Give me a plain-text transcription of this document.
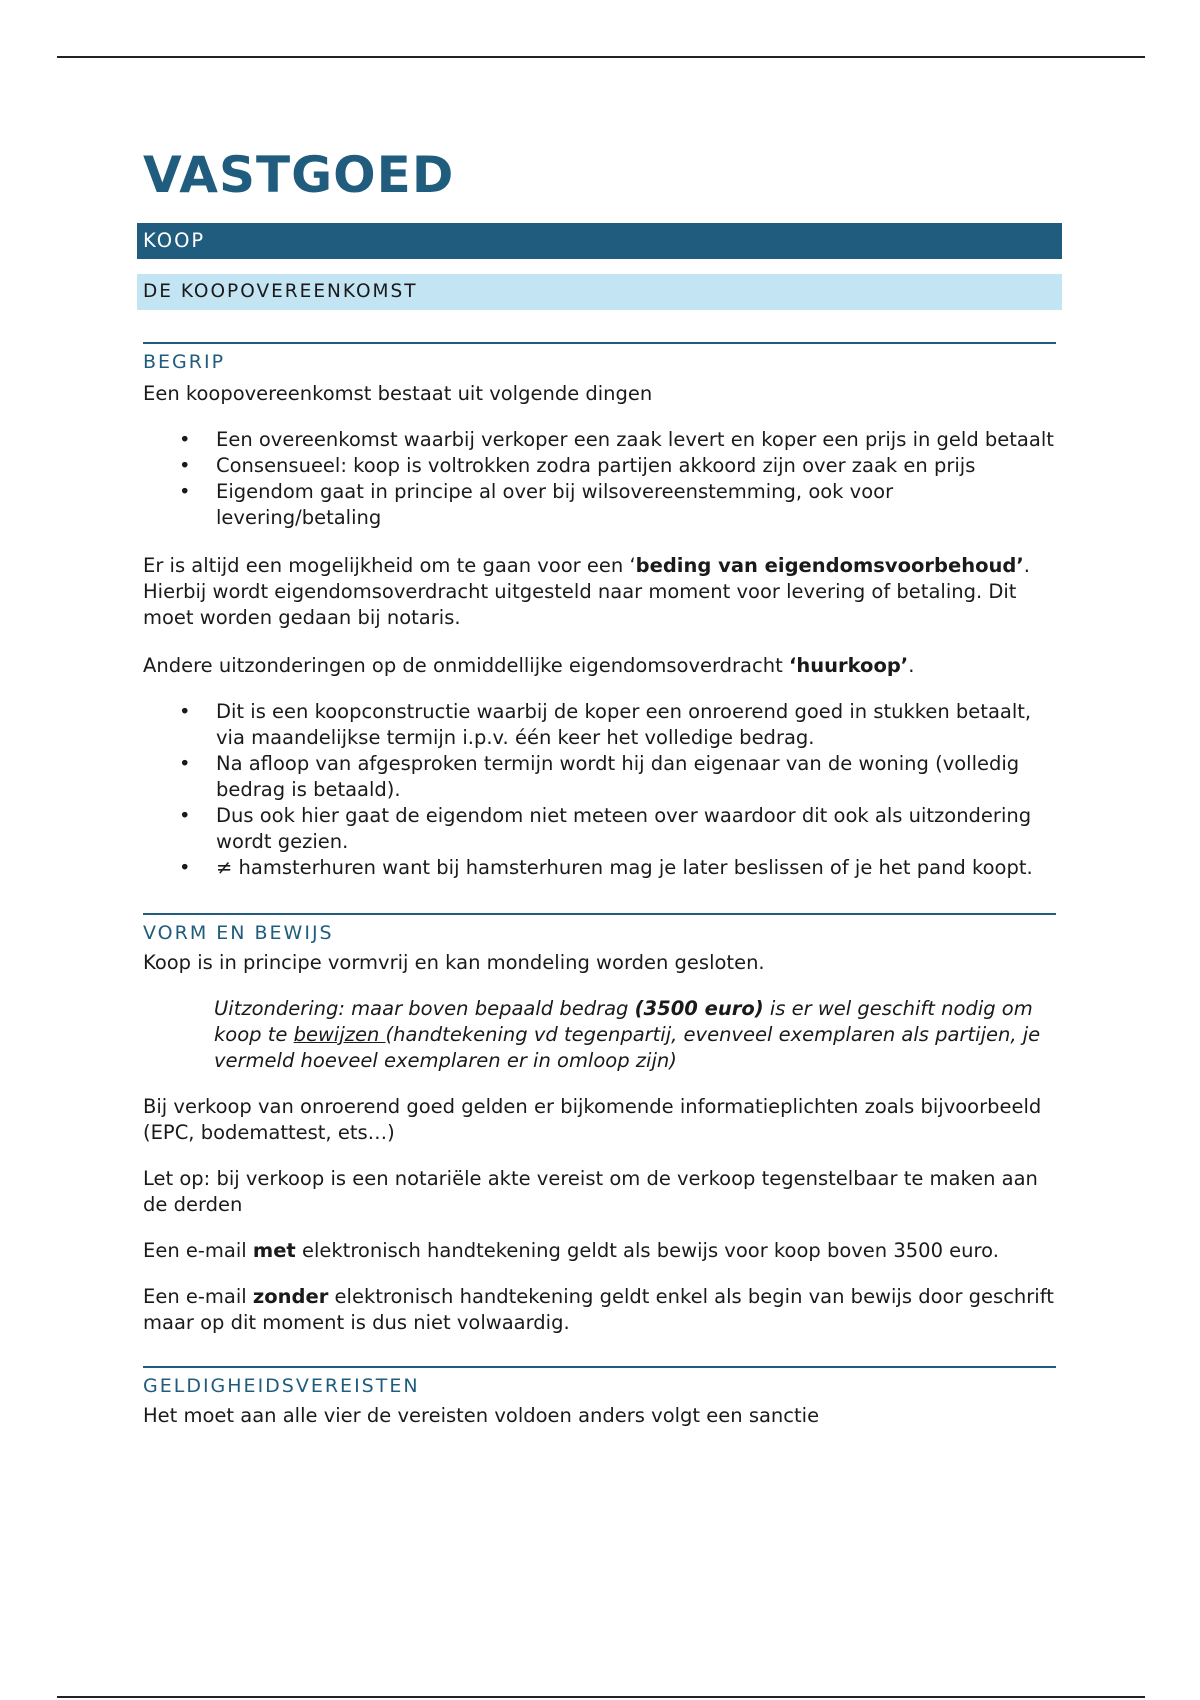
VASTGOED
KOOP
DE KOOPOVEREENKOMST
BEGRIP

Een koopovereenkomst bestaat uit volgende dingen

• Een overeenkomst waarbij verkoper een zaak levert en koper een prijs in geld betaalt
• Consensueel: koop is voltrokken zodra partijen akkoord zijn over zaak en prijs
• Eigendom gaat in principe al over bij wilsovereenstemming, ook voor levering/betaling

Er is altijd een mogelijkheid om te gaan voor een ‘beding van eigendomsvoorbehoud’. Hierbij wordt eigendomsoverdracht uitgesteld naar moment voor levering of betaling. Dit moet worden gedaan bij notaris.

Andere uitzonderingen op de onmiddellijke eigendomsoverdracht ‘huurkoop’.

• Dit is een koopconstructie waarbij de koper een onroerend goed in stukken betaalt, via maandelijkse termijn i.p.v. één keer het volledige bedrag.
• Na afloop van afgesproken termijn wordt hij dan eigenaar van de woning (volledig bedrag is betaald).
• Dus ook hier gaat de eigendom niet meteen over waardoor dit ook als uitzondering wordt gezien.
• ≠ hamsterhuren want bij hamsterhuren mag je later beslissen of je het pand koopt.
VORM EN BEWIJS

Koop is in principe vormvrij en kan mondeling worden gesloten.

Uitzondering: maar boven bepaald bedrag (3500 euro) is er wel geschift nodig om koop te bewijzen (handtekening vd tegenpartij, evenveel exemplaren als partijen, je vermeld hoeveel exemplaren er in omloop zijn)

Bij verkoop van onroerend goed gelden er bijkomende informatieplichten zoals bijvoorbeeld (EPC, bodemattest, ets…)

Let op: bij verkoop is een notariële akte vereist om de verkoop tegenstelbaar te maken aan de derden

Een e-mail met elektronisch handtekening geldt als bewijs voor koop boven 3500 euro.

Een e-mail zonder elektronisch handtekening geldt enkel als begin van bewijs door geschrift maar op dit moment is dus niet volwaardig.

GELDIGHEIDSVEREISTEN

Het moet aan alle vier de vereisten voldoen anders volgt een sanctie
